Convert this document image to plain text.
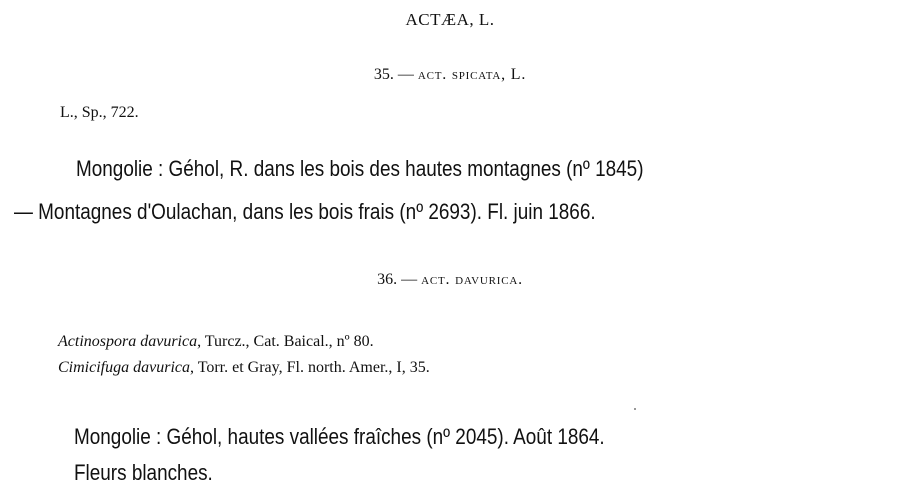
ACTÆA, L.
35. — act. spicata, L.
L., Sp., 722.
Mongolie : Géhol, R. dans les bois des hautes montagnes (nº 1845)
— Montagnes d'Oulachan, dans les bois frais (nº 2693). Fl. juin 1866.
36. — act. davurica.
Actinospora davurica, Turcz., Cat. Baical., nº 80.
Cimicifuga davurica, Torr. et Gray, Fl. north. Amer., I, 35.
Mongolie : Géhol, hautes vallées fraîches (nº 2045). Août 1864.
Fleurs blanches.
